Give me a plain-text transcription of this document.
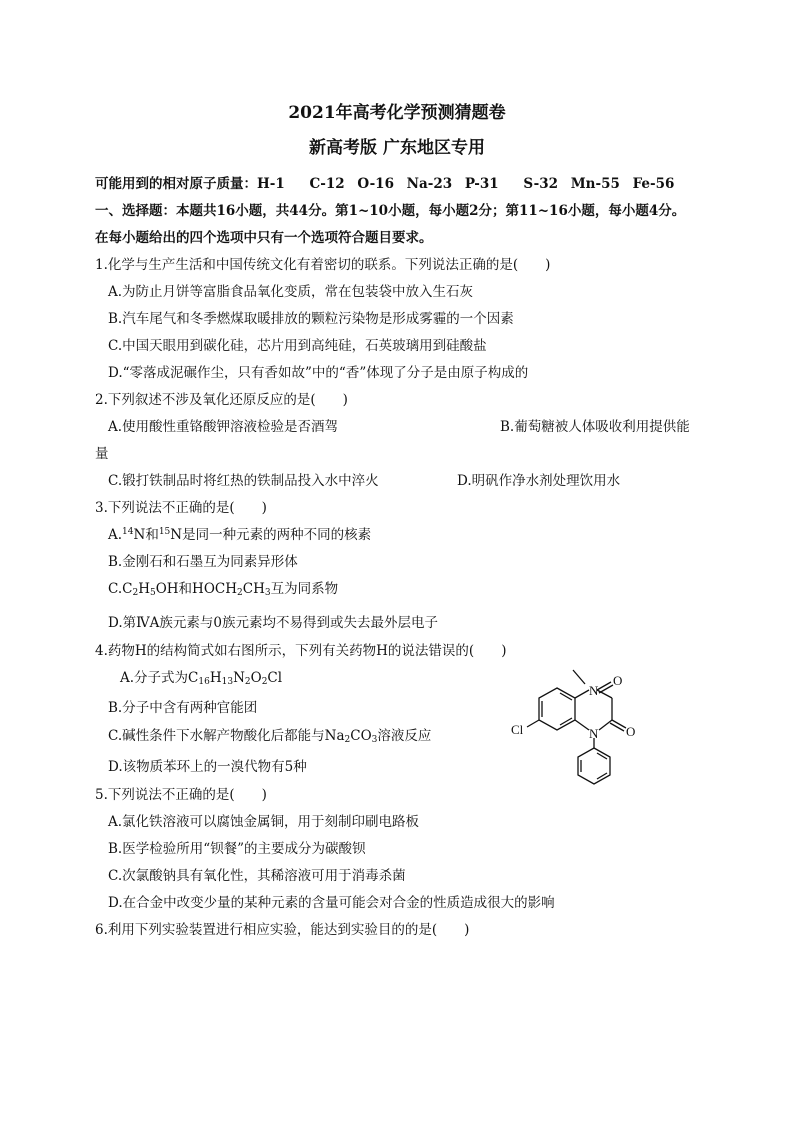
2021年高考化学预测猜题卷
新高考版 广东地区专用
可能用到的相对原子质量：H-1 C-12 O-16 Na-23 P-31 S-32 Mn-55 Fe-56
一、选择题：本题共16小题，共44分。第1~10小题，每小题2分；第11~16小题，每小题4分。
在每小题给出的四个选项中只有一个选项符合题目要求。
1.化学与生产生活和中国传统文化有着密切的联系。下列说法正确的是(　　)
A.为防止月饼等富脂食品氧化变质，常在包装袋中放入生石灰
B.汽车尾气和冬季燃煤取暖排放的颗粒污染物是形成雾霾的一个因素
C.中国天眼用到碳化硅，芯片用到高纯硅，石英玻璃用到硅酸盐
D.“零落成泥碾作尘，只有香如故”中的“香”体现了分子是由原子构成的
2.下列叙述不涉及氧化还原反应的是(　　)
A.使用酸性重铬酸钾溶液检验是否酒驾	B.葡萄糖被人体吸收利用提供能
量
C.锻打铁制品时将红热的铁制品投入水中淬火	D.明矾作净水剂处理饮用水
3.下列说法不正确的是(　　)
A.$^{14}$N和$^{15}$N是同一种元素的两种不同的核素
B.金刚石和石墨互为同素异形体
$C.C_2H_5OH$和$HOCH_2CH_3$互为同系物
D.第ⅣA族元素与0族元素均不易得到或失去最外层电子
4.药物H的结构简式如右图所示，下列有关药物H的说法错误的(　　)
A.分子式为$C_{16}H_{13}N_2O_2Cl$
B.分子中含有两种官能团
C.碱性条件下水解产物酸化后都能与$Na_2CO_3$溶液反应
D.该物质苯环上的一溴代物有5种
N
N
O
O
Cl
5.下列说法不正确的是(　　)
A.氯化铁溶液可以腐蚀金属铜，用于刻制印刷电路板
B.医学检验所用“钡餐”的主要成分为碳酸钡
C.次氯酸钠具有氧化性，其稀溶液可用于消毒杀菌
D.在合金中改变少量的某种元素的含量可能会对合金的性质造成很大的影响
6.利用下列实验装置进行相应实验，能达到实验目的的是(　　)
